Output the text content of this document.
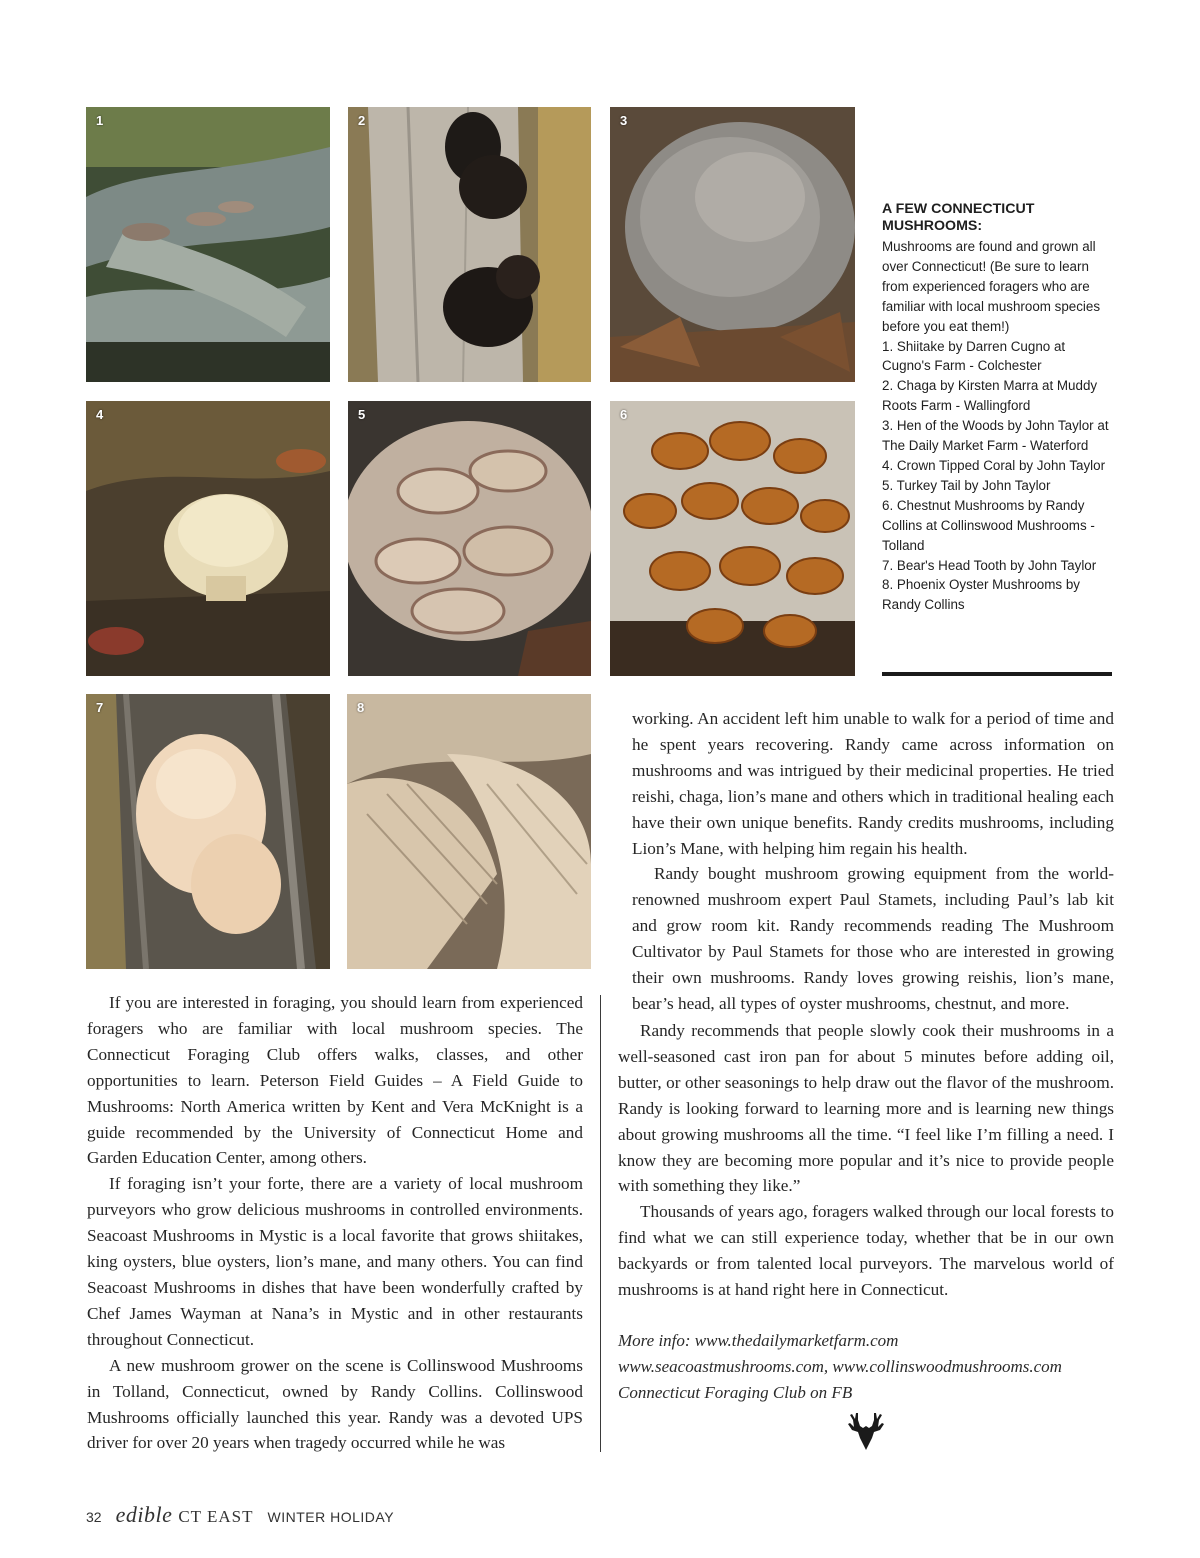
1	2	3
4	5	6
7	8
A FEW CONNECTICUT MUSHROOMS:
Mushrooms are found and grown all over Connecticut! (Be sure to learn from experienced foragers who are familiar with local mushroom species before you eat them!)
1. Shiitake by Darren Cugno at Cugno's Farm - Colchester
2. Chaga by Kirsten Marra at Muddy Roots Farm - Wallingford
3. Hen of the Woods by John Taylor at The Daily Market Farm - Waterford
4. Crown Tipped Coral by John Taylor
5. Turkey Tail by John Taylor
6. Chestnut Mushrooms by Randy Collins at Collinswood Mushrooms - Tolland
7. Bear's Head Tooth by John Taylor
8. Phoenix Oyster Mushrooms by Randy Collins

If you are interested in foraging, you should learn from experienced foragers who are familiar with local mushroom species. The Connecticut Foraging Club offers walks, classes, and other opportunities to learn. Peterson Field Guides – A Field Guide to Mushrooms: North America written by Kent and Vera McKnight is a guide recommended by the University of Connecticut Home and Garden Education Center, among others.

If foraging isn’t your forte, there are a variety of local mushroom purveyors who grow delicious mushrooms in controlled environments. Seacoast Mushrooms in Mystic is a local favorite that grows shiitakes, king oysters, blue oysters, lion’s mane, and many others. You can find Seacoast Mushrooms in dishes that have been wonderfully crafted by Chef James Wayman at Nana’s in Mystic and in other restaurants throughout Connecticut.

A new mushroom grower on the scene is Collinswood Mushrooms in Tolland, Connecticut, owned by Randy Collins. Collinswood Mushrooms officially launched this year. Randy was a devoted UPS driver for over 20 years when tragedy occurred while he was

working. An accident left him unable to walk for a period of time and he spent years recovering. Randy came across information on mushrooms and was intrigued by their medicinal properties. He tried reishi, chaga, lion’s mane and others which in traditional healing each have their own unique benefits. Randy credits mushrooms, including Lion’s Mane, with helping him regain his health.

Randy bought mushroom growing equipment from the world-renowned mushroom expert Paul Stamets, including Paul’s lab kit and grow room kit. Randy recommends reading The Mushroom Cultivator by Paul Stamets for those who are interested in growing their own mushrooms. Randy loves growing reishis, lion’s mane, bear’s head, all types of oyster mushrooms, chestnut, and more.

Randy recommends that people slowly cook their mushrooms in a well-seasoned cast iron pan for about 5 minutes before adding oil, butter, or other seasonings to help draw out the flavor of the mushroom. Randy is looking forward to learning more and is learning new things about growing mushrooms all the time. “I feel like I’m filling a need. I know they are becoming more popular and it’s nice to provide people with something they like.”

Thousands of years ago, foragers walked through our local forests to find what we can still experience today, whether that be in our own backyards or from talented local purveyors. The marvelous world of mushrooms is at hand right here in Connecticut.

More info: www.thedailymarketfarm.com
www.seacoastmushrooms.com, www.collinswoodmushrooms.com
Connecticut Foraging Club on FB
32 edible CT EAST WINTER HOLIDAY
